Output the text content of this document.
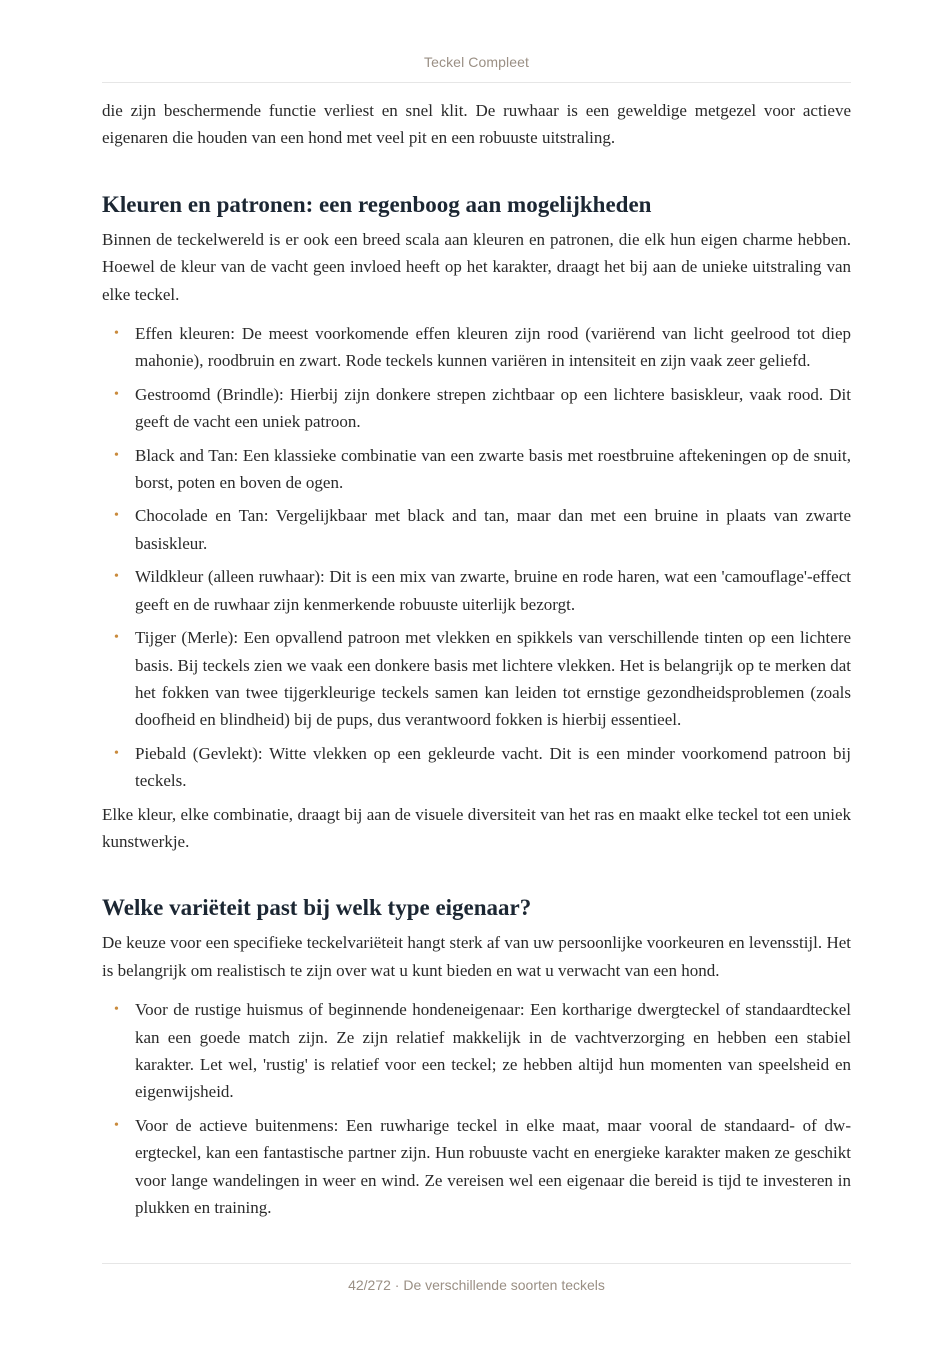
Teckel Compleet

die zijn beschermende functie verliest en snel klit. De ruwhaar is een geweldige metgezel voor actieve eigenaren die houden van een hond met veel pit en een robuuste uitstraling.

Kleuren en patronen: een regenboog aan mogelijkheden

Binnen de teckelwereld is er ook een breed scala aan kleuren en patronen, die elk hun eigen charme hebben. Hoewel de kleur van de vacht geen invloed heeft op het karakter, draagt het bij aan de unieke uitstraling van elke teckel.

• Effen kleuren: De meest voorkomende effen kleuren zijn rood (variërend van licht geelrood tot diep mahonie), roodbruin en zwart. Rode teckels kunnen variëren in intensiteit en zijn vaak zeer geliefd.
• Gestroomd (Brindle): Hierbij zijn donkere strepen zichtbaar op een lichtere basiskleur, vaak rood. Dit geeft de vacht een uniek patroon.
• Black and Tan: Een klassieke combinatie van een zwarte basis met roestbruine aftekeningen op de snuit, borst, poten en boven de ogen.
• Chocolade en Tan: Vergelijkbaar met black and tan, maar dan met een bruine in plaats van zwarte basiskleur.
• Wildkleur (alleen ruwhaar): Dit is een mix van zwarte, bruine en rode haren, wat een 'camouflage'-effect geeft en de ruwhaar zijn kenmerkende robuuste uiterlijk bezorgt.
• Tijger (Merle): Een opvallend patroon met vlekken en spikkels van verschillende tinten op een lichtere basis. Bij teckels zien we vaak een donkere basis met lichtere vlekken. Het is belangrijk op te merken dat het fokken van twee tijgerkleurige teckels samen kan leiden tot ernstige gezondheidsproblemen (zoals doofheid en blindheid) bij de pups, dus verantwoord fokken is hierbij essentieel.
• Piebald (Gevlekt): Witte vlekken op een gekleurde vacht. Dit is een minder voorkomend patroon bij teckels.

Elke kleur, elke combinatie, draagt bij aan de visuele diversiteit van het ras en maakt elke teckel tot een uniek kunstwerkje.

Welke variëteit past bij welk type eigenaar?

De keuze voor een specifieke teckelvariëteit hangt sterk af van uw persoonlijke voorkeuren en levensstijl. Het is belangrijk om realistisch te zijn over wat u kunt bieden en wat u verwacht van een hond.

• Voor de rustige huismus of beginnende hondeneigenaar: Een kortharige dwergteckel of standaardteckel kan een goede match zijn. Ze zijn relatief makkelijk in de vachtverzorging en hebben een stabiel karakter. Let wel, 'rustig' is relatief voor een teckel; ze hebben altijd hun momenten van speelsheid en eigenwijsheid.
• Voor de actieve buitenmens: Een ruwharige teckel in elke maat, maar vooral de standaard- of dwergteckel, kan een fantastische partner zijn. Hun robuuste vacht en energieke karakter maken ze geschikt voor lange wandelingen in weer en wind. Ze vereisen wel een eigenaar die bereid is tijd te investeren in plukken en training.
42/272 · De verschillende soorten teckels
